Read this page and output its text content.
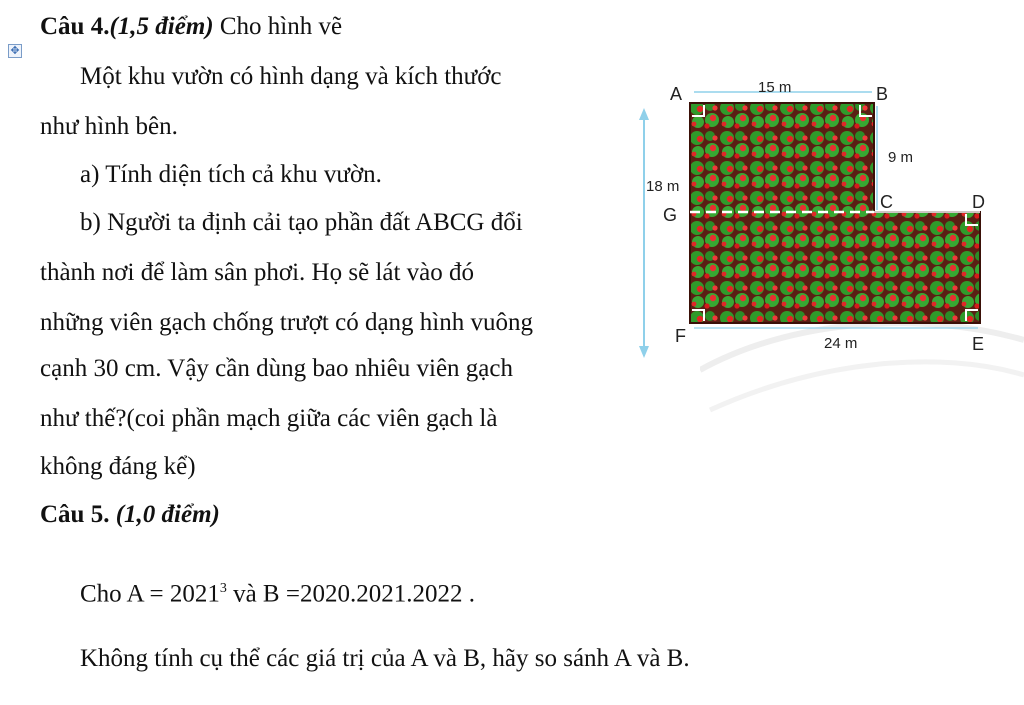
✥
Câu 4.(1,5 điểm) Cho hình vẽ
Một khu vườn có hình dạng và kích thước
như hình bên.
a) Tính diện tích cả khu vườn.
b) Người ta định cải tạo phần đất ABCG đổi
thành nơi để làm sân phơi. Họ sẽ lát vào đó
những viên gạch chống trượt có dạng hình vuông
cạnh 30 cm. Vậy cần dùng bao nhiêu viên gạch
như thế?(coi phần mạch giữa các viên gạch là
không đáng kể)
A	B
C	D
E
F
G
15 m
9 m
18 m
24 m
Câu 5. (1,0 điểm)
Cho $A = 2021^3$ và B =2020.2021.2022 .
Không tính cụ thể các giá trị của A và B, hãy so sánh A và B.
